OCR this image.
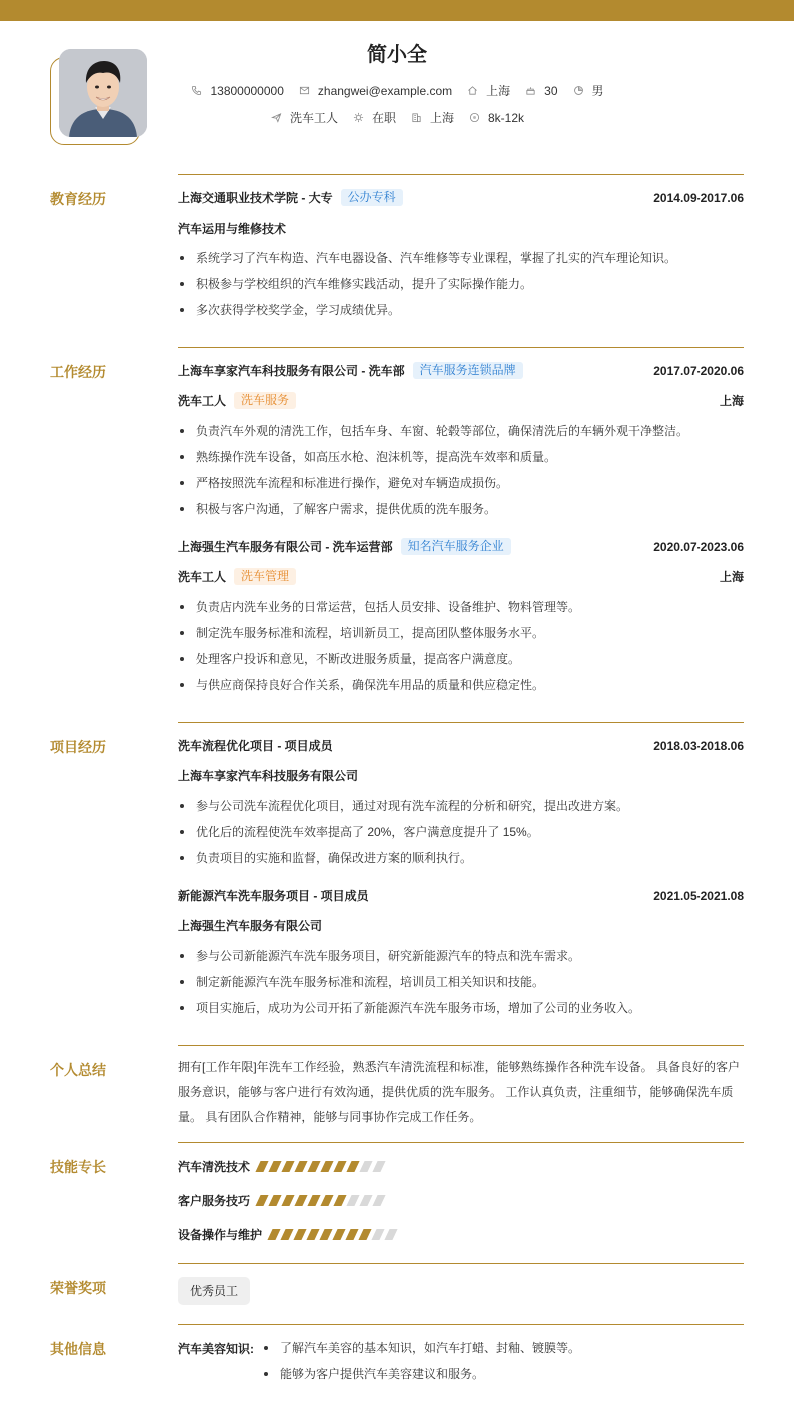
简小全
13800000000	zhangwei@example.com	上海	30	男
洗车工人	在职	上海	8k-12k
教育经历	上海交通职业技术学院 - 大专	公办专科	2014.09-2017.06
汽车运用与维修技术
系统学习了汽车构造、汽车电器设备、汽车维修等专业课程，掌握了扎实的汽车理论知识。
积极参与学校组织的汽车维修实践活动，提升了实际操作能力。
多次获得学校奖学金，学习成绩优异。
工作经历	上海车享家汽车科技服务有限公司 - 洗车部	汽车服务连锁品牌	2017.07-2020.06
洗车工人	洗车服务	上海
负责汽车外观的清洗工作，包括车身、车窗、轮毂等部位，确保清洗后的车辆外观干净整洁。
熟练操作洗车设备，如高压水枪、泡沫机等，提高洗车效率和质量。
严格按照洗车流程和标准进行操作，避免对车辆造成损伤。
积极与客户沟通，了解客户需求，提供优质的洗车服务。
上海强生汽车服务有限公司 - 洗车运营部	知名汽车服务企业	2020.07-2023.06
洗车工人	洗车管理	上海
负责店内洗车业务的日常运营，包括人员安排、设备维护、物料管理等。
制定洗车服务标准和流程，培训新员工，提高团队整体服务水平。
处理客户投诉和意见，不断改进服务质量，提高客户满意度。
与供应商保持良好合作关系，确保洗车用品的质量和供应稳定性。
项目经历	洗车流程优化项目 - 项目成员	2018.03-2018.06
上海车享家汽车科技服务有限公司
参与公司洗车流程优化项目，通过对现有洗车流程的分析和研究，提出改进方案。
优化后的流程使洗车效率提高了 20%，客户满意度提升了 15%。
负责项目的实施和监督，确保改进方案的顺利执行。
新能源汽车洗车服务项目 - 项目成员	2021.05-2021.08
上海强生汽车服务有限公司
参与公司新能源汽车洗车服务项目，研究新能源汽车的特点和洗车需求。
制定新能源汽车洗车服务标准和流程，培训员工相关知识和技能。
项目实施后，成功为公司开拓了新能源汽车洗车服务市场，增加了公司的业务收入。
个人总结	拥有[工作年限]年洗车工作经验，熟悉汽车清洗流程和标准，能够熟练操作各种洗车设备。 具备良好的客户服务意识，能够与客户进行有效沟通，提供优质的洗车服务。 工作认真负责，注重细节，能够确保洗车质量。 具有团队合作精神，能够与同事协作完成工作任务。
技能专长	汽车清洗技术
客户服务技巧
设备操作与维护
荣誉奖项	优秀员工
其他信息	汽车美容知识:	了解汽车美容的基本知识，如汽车打蜡、封釉、镀膜等。
能够为客户提供汽车美容建议和服务。
